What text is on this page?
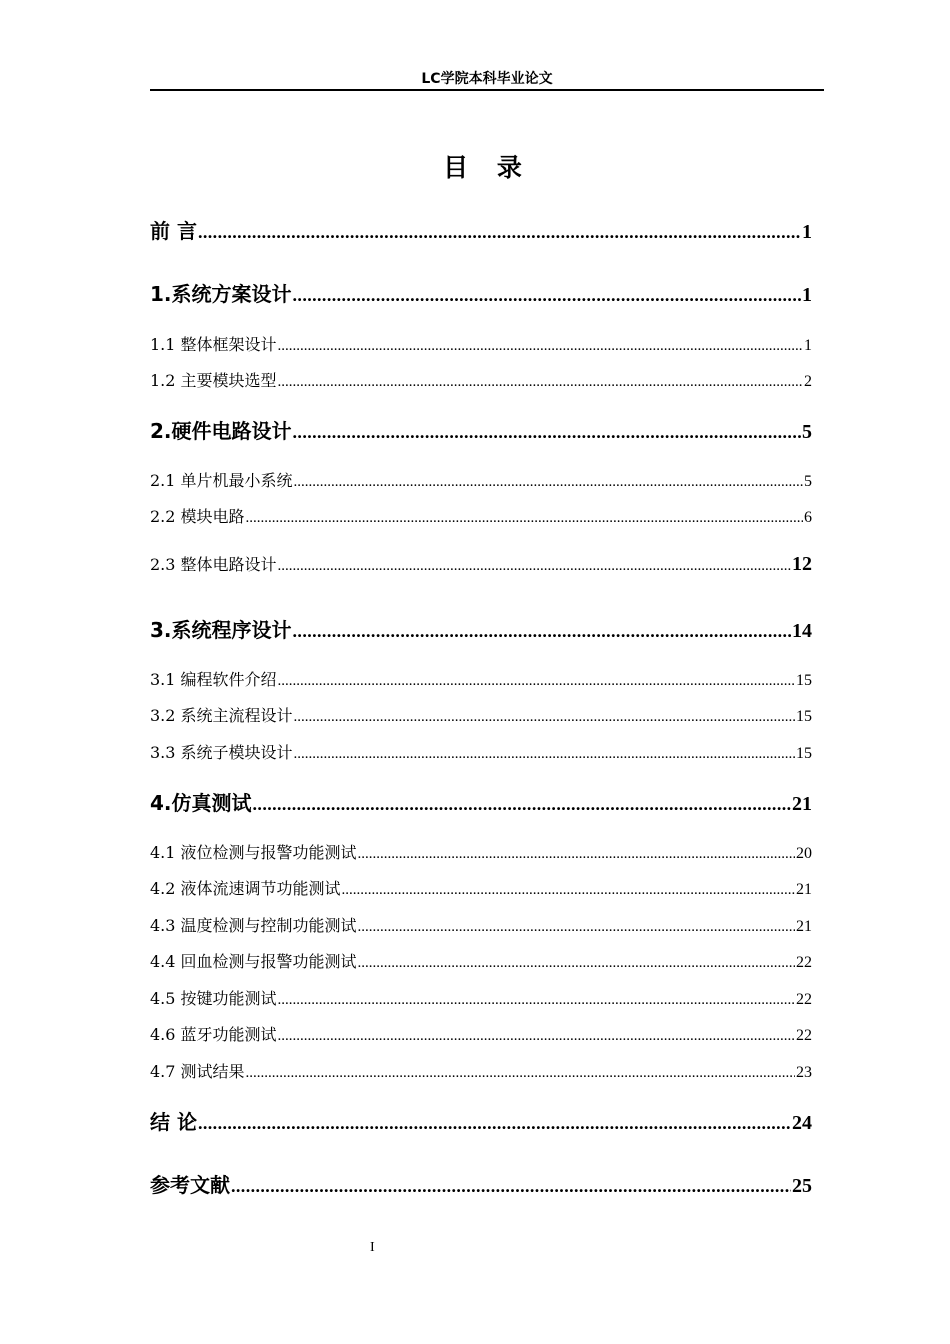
LC学院本科毕业论文
目 录
前 言 .....	1
1.系统方案设计 .....	1
1.1 整体框架设计 .....	1
1.2 主要模块选型 .....	2
2.硬件电路设计 .....	5
2.1 单片机最小系统 .....	5
2.2 模块电路 .....	6
2.3 整体电路设计 .....	12
3.系统程序设计 .....	14
3.1 编程软件介绍 .....	15
3.2 系统主流程设计 .....	15
3.3 系统子模块设计 .....	15
4.仿真测试 .....	21
4.1 液位检测与报警功能测试 .....	20
4.2 液体流速调节功能测试 .....	21
4.3 温度检测与控制功能测试 .....	21
4.4 回血检测与报警功能测试 .....	22
4.5 按键功能测试 .....	22
4.6 蓝牙功能测试 .....	22
4.7 测试结果 .....	23
结 论 .....	24
参考文献 .....	25
I
